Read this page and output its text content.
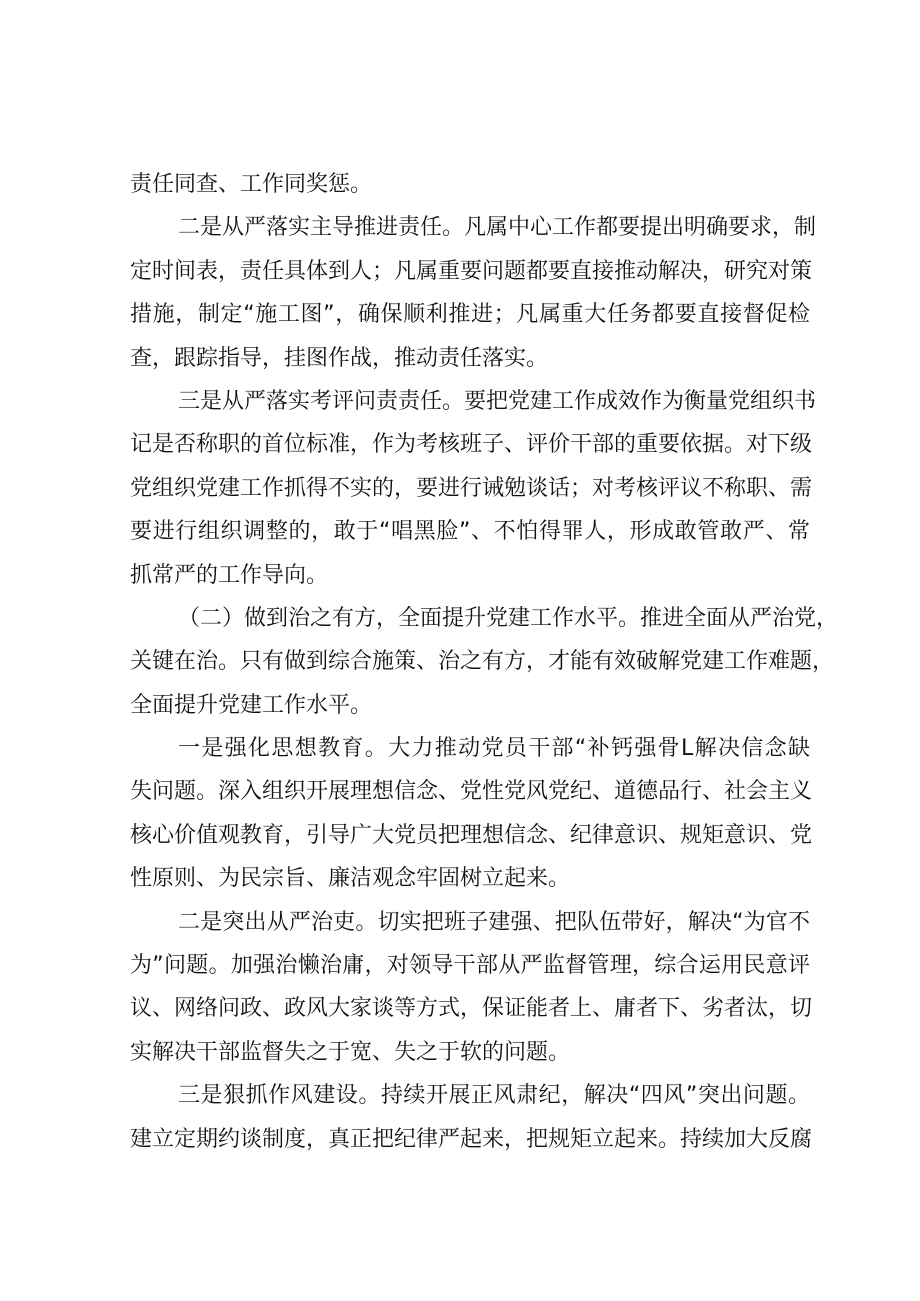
责任同查、工作同奖惩。
二是从严落实主导推进责任。凡属中心工作都要提出明确要求，制
定时间表，责任具体到人；凡属重要问题都要直接推动解决，研究对策
措施，制定“施工图”，确保顺利推进；凡属重大任务都要直接督促检
查，跟踪指导，挂图作战，推动责任落实。
三是从严落实考评问责责任。要把党建工作成效作为衡量党组织书
记是否称职的首位标准，作为考核班子、评价干部的重要依据。对下级
党组织党建工作抓得不实的，要进行诫勉谈话；对考核评议不称职、需
要进行组织调整的，敢于“唱黑脸”、不怕得罪人，形成敢管敢严、常
抓常严的工作导向。
（二）做到治之有方，全面提升党建工作水平。推进全面从严治党，
关键在治。只有做到综合施策、治之有方，才能有效破解党建工作难题，
全面提升党建工作水平。
一是强化思想教育。大力推动党员干部“补钙强骨L解决信念缺
失问题。深入组织开展理想信念、党性党风党纪、道德品行、社会主义
核心价值观教育，引导广大党员把理想信念、纪律意识、规矩意识、党
性原则、为民宗旨、廉洁观念牢固树立起来。
二是突出从严治吏。切实把班子建强、把队伍带好，解决“为官不
为”问题。加强治懒治庸，对领导干部从严监督管理，综合运用民意评
议、网络问政、政风大家谈等方式，保证能者上、庸者下、劣者汰，切
实解决干部监督失之于宽、失之于软的问题。
三是狠抓作风建设。持续开展正风肃纪，解决“四风”突出问题。
建立定期约谈制度，真正把纪律严起来，把规矩立起来。持续加大反腐
